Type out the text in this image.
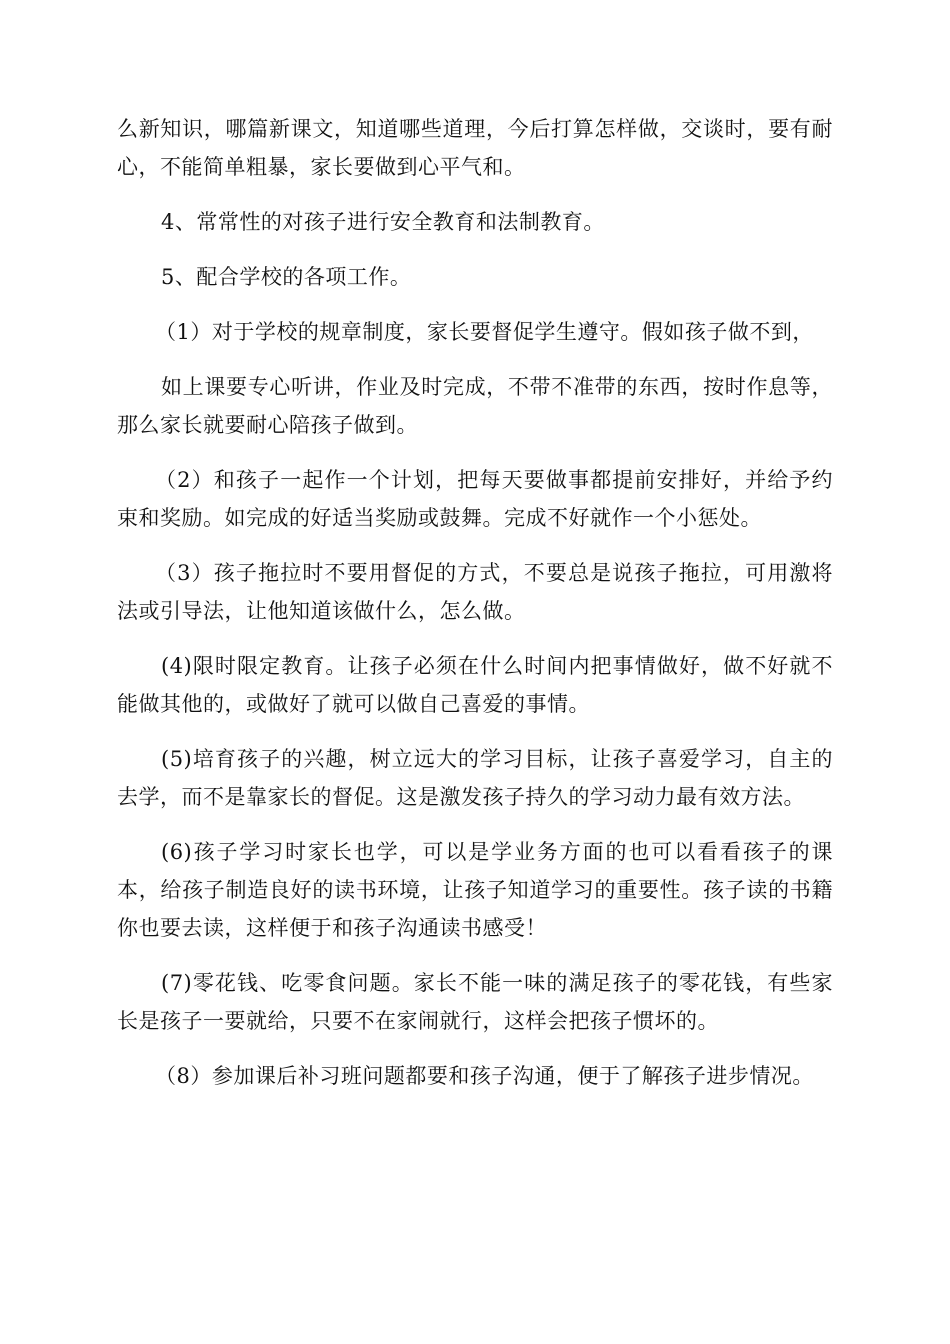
么新知识，哪篇新课文，知道哪些道理，今后打算怎样做，交谈时，要有耐心，不能简单粗暴，家长要做到心平气和。

4、常常性的对孩子进行安全教育和法制教育。

5、配合学校的各项工作。

（1）对于学校的规章制度，家长要督促学生遵守。假如孩子做不到，

如上课要专心听讲，作业及时完成，不带不准带的东西，按时作息等，那么家长就要耐心陪孩子做到。

（2）和孩子一起作一个计划，把每天要做事都提前安排好，并给予约束和奖励。如完成的好适当奖励或鼓舞。完成不好就作一个小惩处。

（3）孩子拖拉时不要用督促的方式，不要总是说孩子拖拉，可用激将法或引导法，让他知道该做什么，怎么做。

(4)限时限定教育。让孩子必须在什么时间内把事情做好，做不好就不能做其他的，或做好了就可以做自己喜爱的事情。

(5)培育孩子的兴趣，树立远大的学习目标，让孩子喜爱学习，自主的去学，而不是靠家长的督促。这是激发孩子持久的学习动力最有效方法。

(6)孩子学习时家长也学，可以是学业务方面的也可以看看孩子的课本，给孩子制造良好的读书环境，让孩子知道学习的重要性。孩子读的书籍你也要去读，这样便于和孩子沟通读书感受！

(7)零花钱、吃零食问题。家长不能一味的满足孩子的零花钱，有些家长是孩子一要就给，只要不在家闹就行，这样会把孩子惯坏的。

（8）参加课后补习班问题都要和孩子沟通，便于了解孩子进步情况。
